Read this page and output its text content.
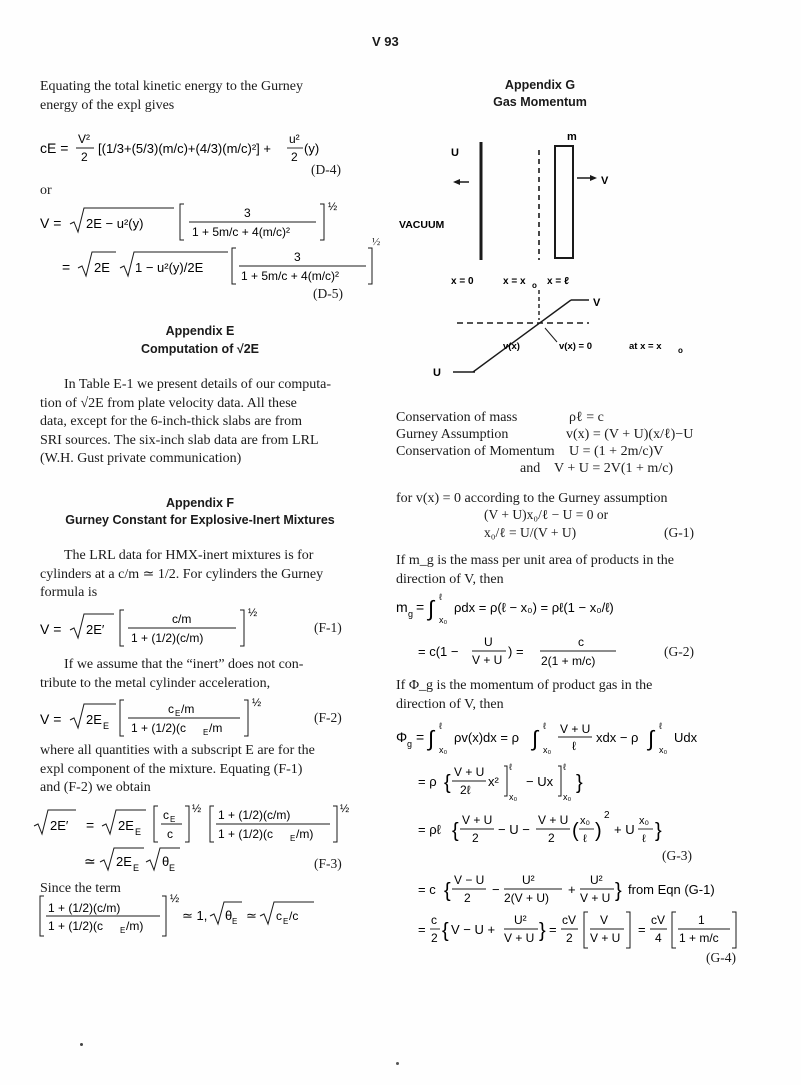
V 93
Equating the total kinetic energy to the Gurney
energy of the expl gives
cE =
V²
2
[(1/3+(5/3)(m/c)+(4/3)(m/c)²] +
u²
2
(y)
(D-4)
or
V = 2E − u²(y)
3
1 + 5m/c + 4(m/c)²
½
= 2E 1 − u²(y)/2E
3
1 + 5m/c + 4(m/c)²
½
(D-5)
Appendix E
Computation of √2E
In Table E-1 we present details of our computa-
tion of √2E from plate velocity data. All these
data, except for the 6-inch-thick slabs are from
SRI sources. The six-inch slab data are from LRL
(W.H. Gust private communication)
Appendix F
Gurney Constant for Explosive-Inert Mixtures
The LRL data for HMX-inert mixtures is for
cylinders at a c/m ≃ 1/2. For cylinders the Gurney
formula is
V = 2E′
c/m
1 + (1/2)(c/m)
½
(F-1)
If we assume that the “inert” does not con-
tribute to the metal cylinder acceleration,
V = 2E E
c E /m
1 + (1/2)(c E /m
½
(F-2)
where all quantities with a subscript E are for the
expl component of the mixture. Equating (F-1)
and (F-2) we obtain
2E′ = 2E E
c E
c
½ 1 + (1/2)(c/m)
1 + (1/2)(c E /m)
½
≃ 2E E θ E	(F-3)
Since the term
1 + (1/2)(c/m)
1 + (1/2)(c E /m)
½
≃ 1, θ E ≃ c E /c
Appendix G
Gas Momentum
U
m
V
VACUUM
x = 0	x = x o x = ℓ
V
v(x)	v(x) = 0	at x = x o
U
Conservation of mass	ρℓ = c
Gurney Assumption	v(x) = (V + U)(x/ℓ)−U
Conservation of Momentum U = (1 + 2m/c)V
and V + U = 2V(1 + m/c)
for v(x) = 0 according to the Gurney assumption
(V + U)x₀/ℓ − U = 0 or
x₀/ℓ = U/(V + U)	(G-1)
If m_g is the mass per unit area of products in the
direction of V, then
m g = ∫ ℓ
x₀
ρdx = ρ(ℓ − x₀) = ρℓ(1 − x₀/ℓ)
= c(1 −
U
V + U
) =
c
2(1 + m/c)
(G-2)
If Φ_g is the momentum of product gas in the
direction of V, then
Φ g = ∫ ℓ
x₀
ρv(x)dx = ρ ∫ ℓ
x₀
V + U
ℓ
xdx − ρ ∫ ℓ
x₀
Udx
= ρ { V + U
2ℓ
x²
ℓ
x₀
− Ux
ℓ
x₀
}
= ρℓ { V + U
2
− U −
V + U
2 ( x₀
ℓ )
2
+ U
x₀
ℓ }
(G-3)
= c { V − U
2
−
U²
2(V + U)
+
U²
V + U } from Eqn (G-1)
=
c
2 { V − U +
U²
V + U } =
cV
2
V
V + U
=
cV
4
1
1 + m/c
(G-4)
